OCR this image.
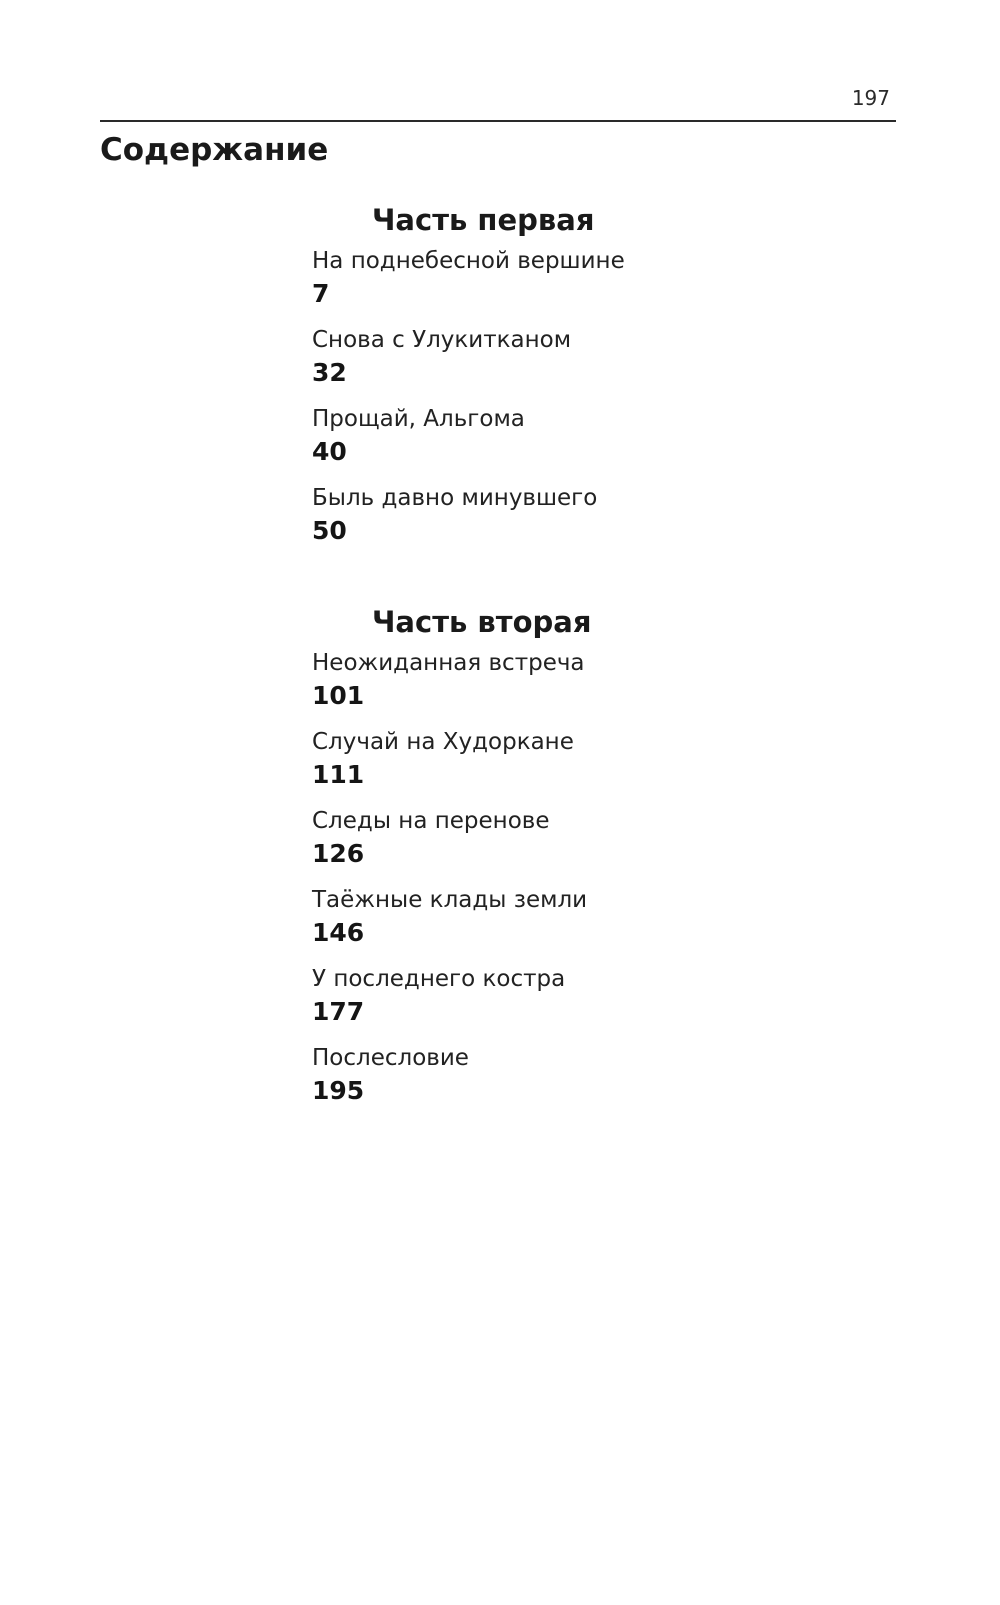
197
Содержание
Часть первая
На поднебесной вершине
7
Снова с Улукитканом
32
Прощай, Альгома
40
Быль давно минувшего
50
Часть вторая
Неожиданная встреча
101
Случай на Худоркане
111
Следы на перенове
126
Таёжные клады земли
146
У последнего костра
177
Послесловие
195
